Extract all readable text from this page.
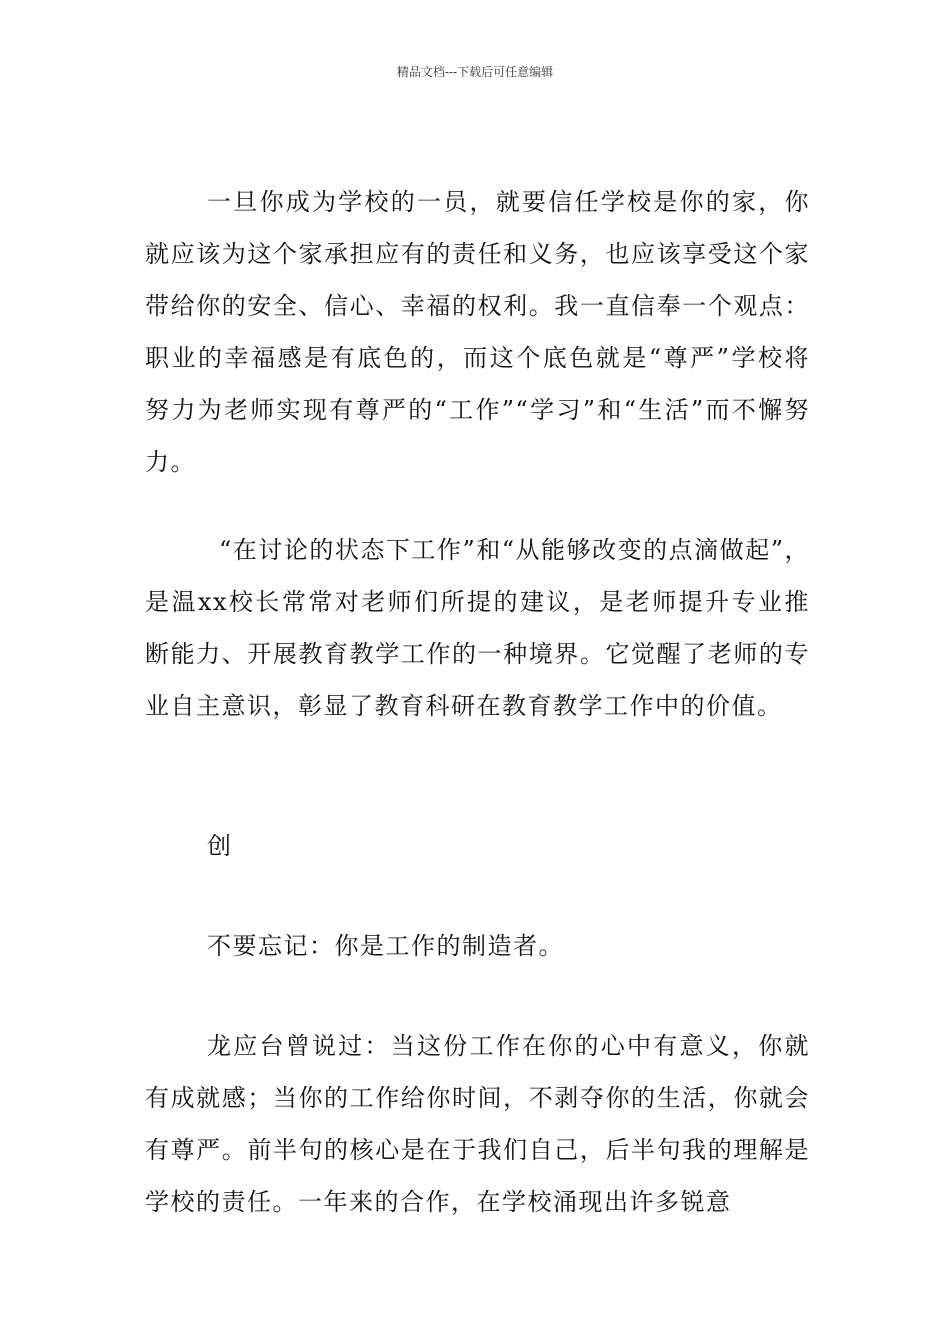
精品文档---下载后可任意编辑

一旦你成为学校的一员，就要信任学校是你的家，你就应该为这个家承担应有的责任和义务，也应该享受这个家带给你的安全、信心、幸福的权利。我一直信奉一个观点：职业的幸福感是有底色的，而这个底色就是“尊严”学校将努力为老师实现有尊严的“工作”“学习”和“生活”而不懈努力。

“在讨论的状态下工作”和“从能够改变的点滴做起”，是温xx校长常常对老师们所提的建议，是老师提升专业推断能力、开展教育教学工作的一种境界。它觉醒了老师的专业自主意识，彰显了教育科研在教育教学工作中的价值。

创

不要忘记：你是工作的制造者。

龙应台曾说过：当这份工作在你的心中有意义，你就有成就感；当你的工作给你时间，不剥夺你的生活，你就会有尊严。前半句的核心是在于我们自己，后半句我的理解是学校的责任。一年来的合作，在学校涌现出许多锐意
